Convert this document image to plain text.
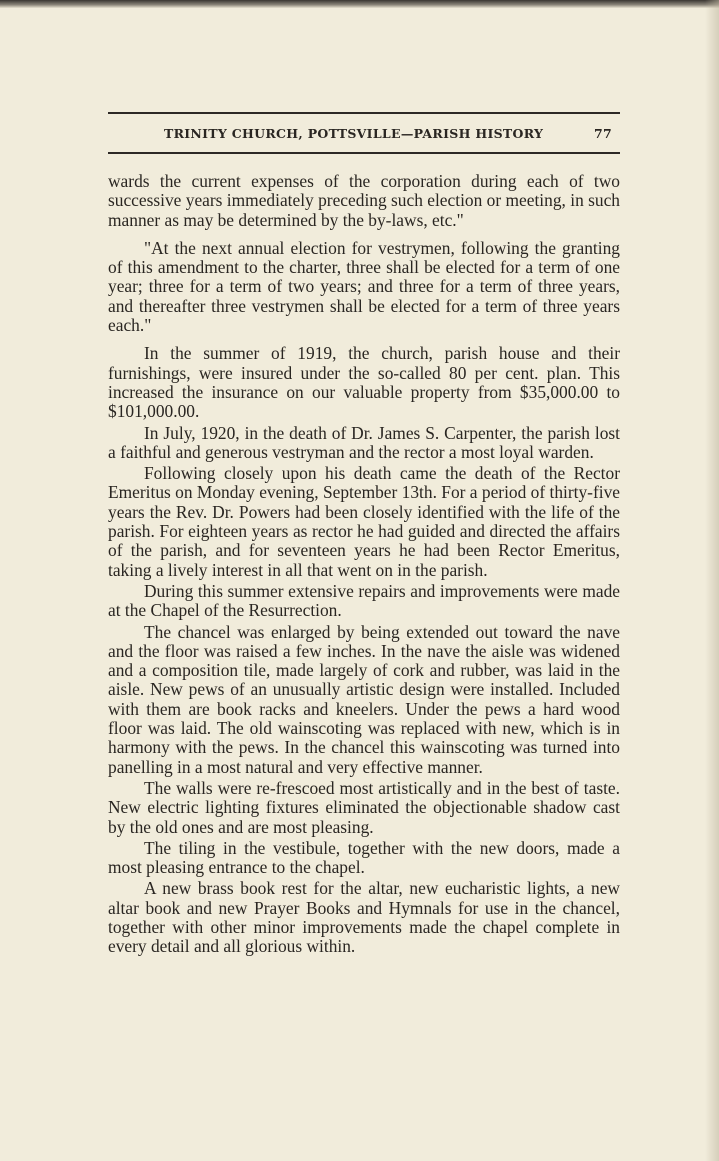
TRINITY CHURCH, POTTSVILLE—PARISH HISTORY	77

wards the current expenses of the corporation during each of two successive years immediately preceding such election or meeting, in such manner as may be determined by the by-laws, etc."

"At the next annual election for vestrymen, following the granting of this amendment to the charter, three shall be elected for a term of one year; three for a term of two years; and three for a term of three years, and thereafter three vestrymen shall be elected for a term of three years each."

In the summer of 1919, the church, parish house and their furnishings, were insured under the so-called 80 per cent. plan. This increased the insurance on our valuable property from $35,000.00 to $101,000.00.

In July, 1920, in the death of Dr. James S. Carpenter, the parish lost a faithful and generous vestryman and the rector a most loyal warden.

Following closely upon his death came the death of the Rector Emeritus on Monday evening, September 13th. For a period of thirty-five years the Rev. Dr. Powers had been closely identified with the life of the parish. For eighteen years as rector he had guided and directed the affairs of the parish, and for seventeen years he had been Rector Emeritus, taking a lively interest in all that went on in the parish.

During this summer extensive repairs and improvements were made at the Chapel of the Resurrection.

The chancel was enlarged by being extended out toward the nave and the floor was raised a few inches. In the nave the aisle was widened and a composition tile, made largely of cork and rubber, was laid in the aisle. New pews of an unusually artistic design were installed. Included with them are book racks and kneelers. Under the pews a hard wood floor was laid. The old wainscoting was replaced with new, which is in harmony with the pews. In the chancel this wainscoting was turned into panelling in a most natural and very effective manner.

The walls were re-frescoed most artistically and in the best of taste. New electric lighting fixtures eliminated the objectionable shadow cast by the old ones and are most pleasing.

The tiling in the vestibule, together with the new doors, made a most pleasing entrance to the chapel.

A new brass book rest for the altar, new eucharistic lights, a new altar book and new Prayer Books and Hymnals for use in the chancel, together with other minor improvements made the chapel complete in every detail and all glorious within.
